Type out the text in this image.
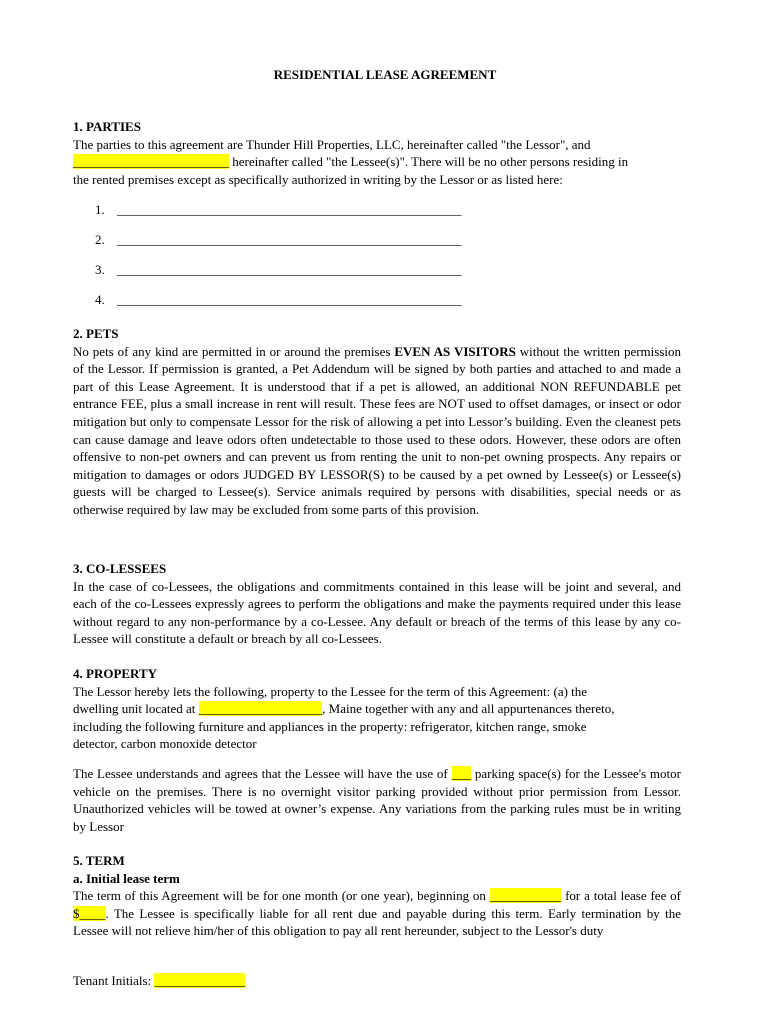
RESIDENTIAL LEASE AGREEMENT

1. PARTIES

The parties to this agreement are Thunder Hill Properties, LLC, hereinafter called "the Lessor", and

________________________ hereinafter called "the Lessee(s)". There will be no other persons residing in

the rented premises except as specifically authorized in writing by the Lessor or as listed here:

1. _____________________________________________________
2. _____________________________________________________
3. _____________________________________________________
4. _____________________________________________________

2. PETS

No pets of any kind are permitted in or around the premises EVEN AS VISITORS without the written permission of the Lessor. If permission is granted, a Pet Addendum will be signed by both parties and attached to and made a part of this Lease Agreement. It is understood that if a pet is allowed, an additional NON REFUNDABLE pet entrance FEE, plus a small increase in rent will result. These fees are NOT used to offset damages, or insect or odor mitigation but only to compensate Lessor for the risk of allowing a pet into Lessor’s building. Even the cleanest pets can cause damage and leave odors often undetectable to those used to these odors. However, these odors are often offensive to non-pet owners and can prevent us from renting the unit to non-pet owning prospects. Any repairs or mitigation to damages or odors JUDGED BY LESSOR(S) to be caused by a pet owned by Lessee(s) or Lessee(s) guests will be charged to Lessee(s). Service animals required by persons with disabilities, special needs or as otherwise required by law may be excluded from some parts of this provision.

3. CO-LESSEES

In the case of co-Lessees, the obligations and commitments contained in this lease will be joint and several, and each of the co-Lessees expressly agrees to perform the obligations and make the payments required under this lease without regard to any non-performance by a co-Lessee. Any default or breach of the terms of this lease by any co-Lessee will constitute a default or breach by all co-Lessees.

4. PROPERTY

The Lessor hereby lets the following, property to the Lessee for the term of this Agreement: (a) the

dwelling unit located at ___________________, Maine together with any and all appurtenances thereto,

including the following furniture and appliances in the property: refrigerator, kitchen range, smoke

detector, carbon monoxide detector

The Lessee understands and agrees that the Lessee will have the use of ___ parking space(s) for the Lessee's motor vehicle on the premises. There is no overnight visitor parking provided without prior permission from Lessor. Unauthorized vehicles will be towed at owner’s expense. Any variations from the parking rules must be in writing by Lessor

5. TERM

a. Initial lease term

The term of this Agreement will be for one month (or one year), beginning on ___________ for a total lease fee of $____. The Lessee is specifically liable for all rent due and payable during this term. Early termination by the Lessee will not relieve him/her of this obligation to pay all rent hereunder, subject to the Lessor's duty

Tenant Initials: ______________
